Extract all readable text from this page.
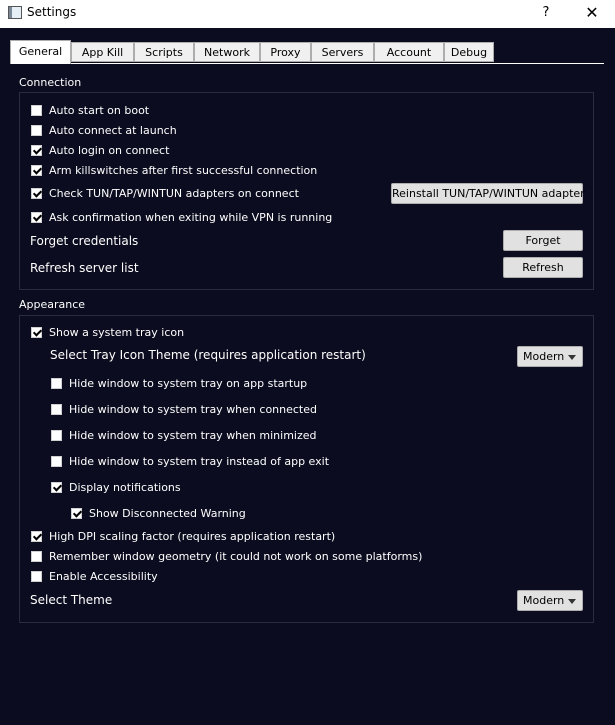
Settings	?	✕
General	App Kill	Scripts	Network	Proxy	Servers	Account	Debug
Connection
Auto start on boot
Auto connect at launch
Auto login on connect
Arm killswitches after first successful connection
Check TUN/TAP/WINTUN adapters on connect	Reinstall TUN/TAP/WINTUN adapter
Ask confirmation when exiting while VPN is running
Forget credentials	Forget
Refresh server list	Refresh
Appearance
Show a system tray icon
Select Tray Icon Theme (requires application restart)	Modern
Hide window to system tray on app startup
Hide window to system tray when connected
Hide window to system tray when minimized
Hide window to system tray instead of app exit
Display notifications
Show Disconnected Warning
High DPI scaling factor (requires application restart)
Remember window geometry (it could not work on some platforms)
Enable Accessibility
Select Theme	Modern
